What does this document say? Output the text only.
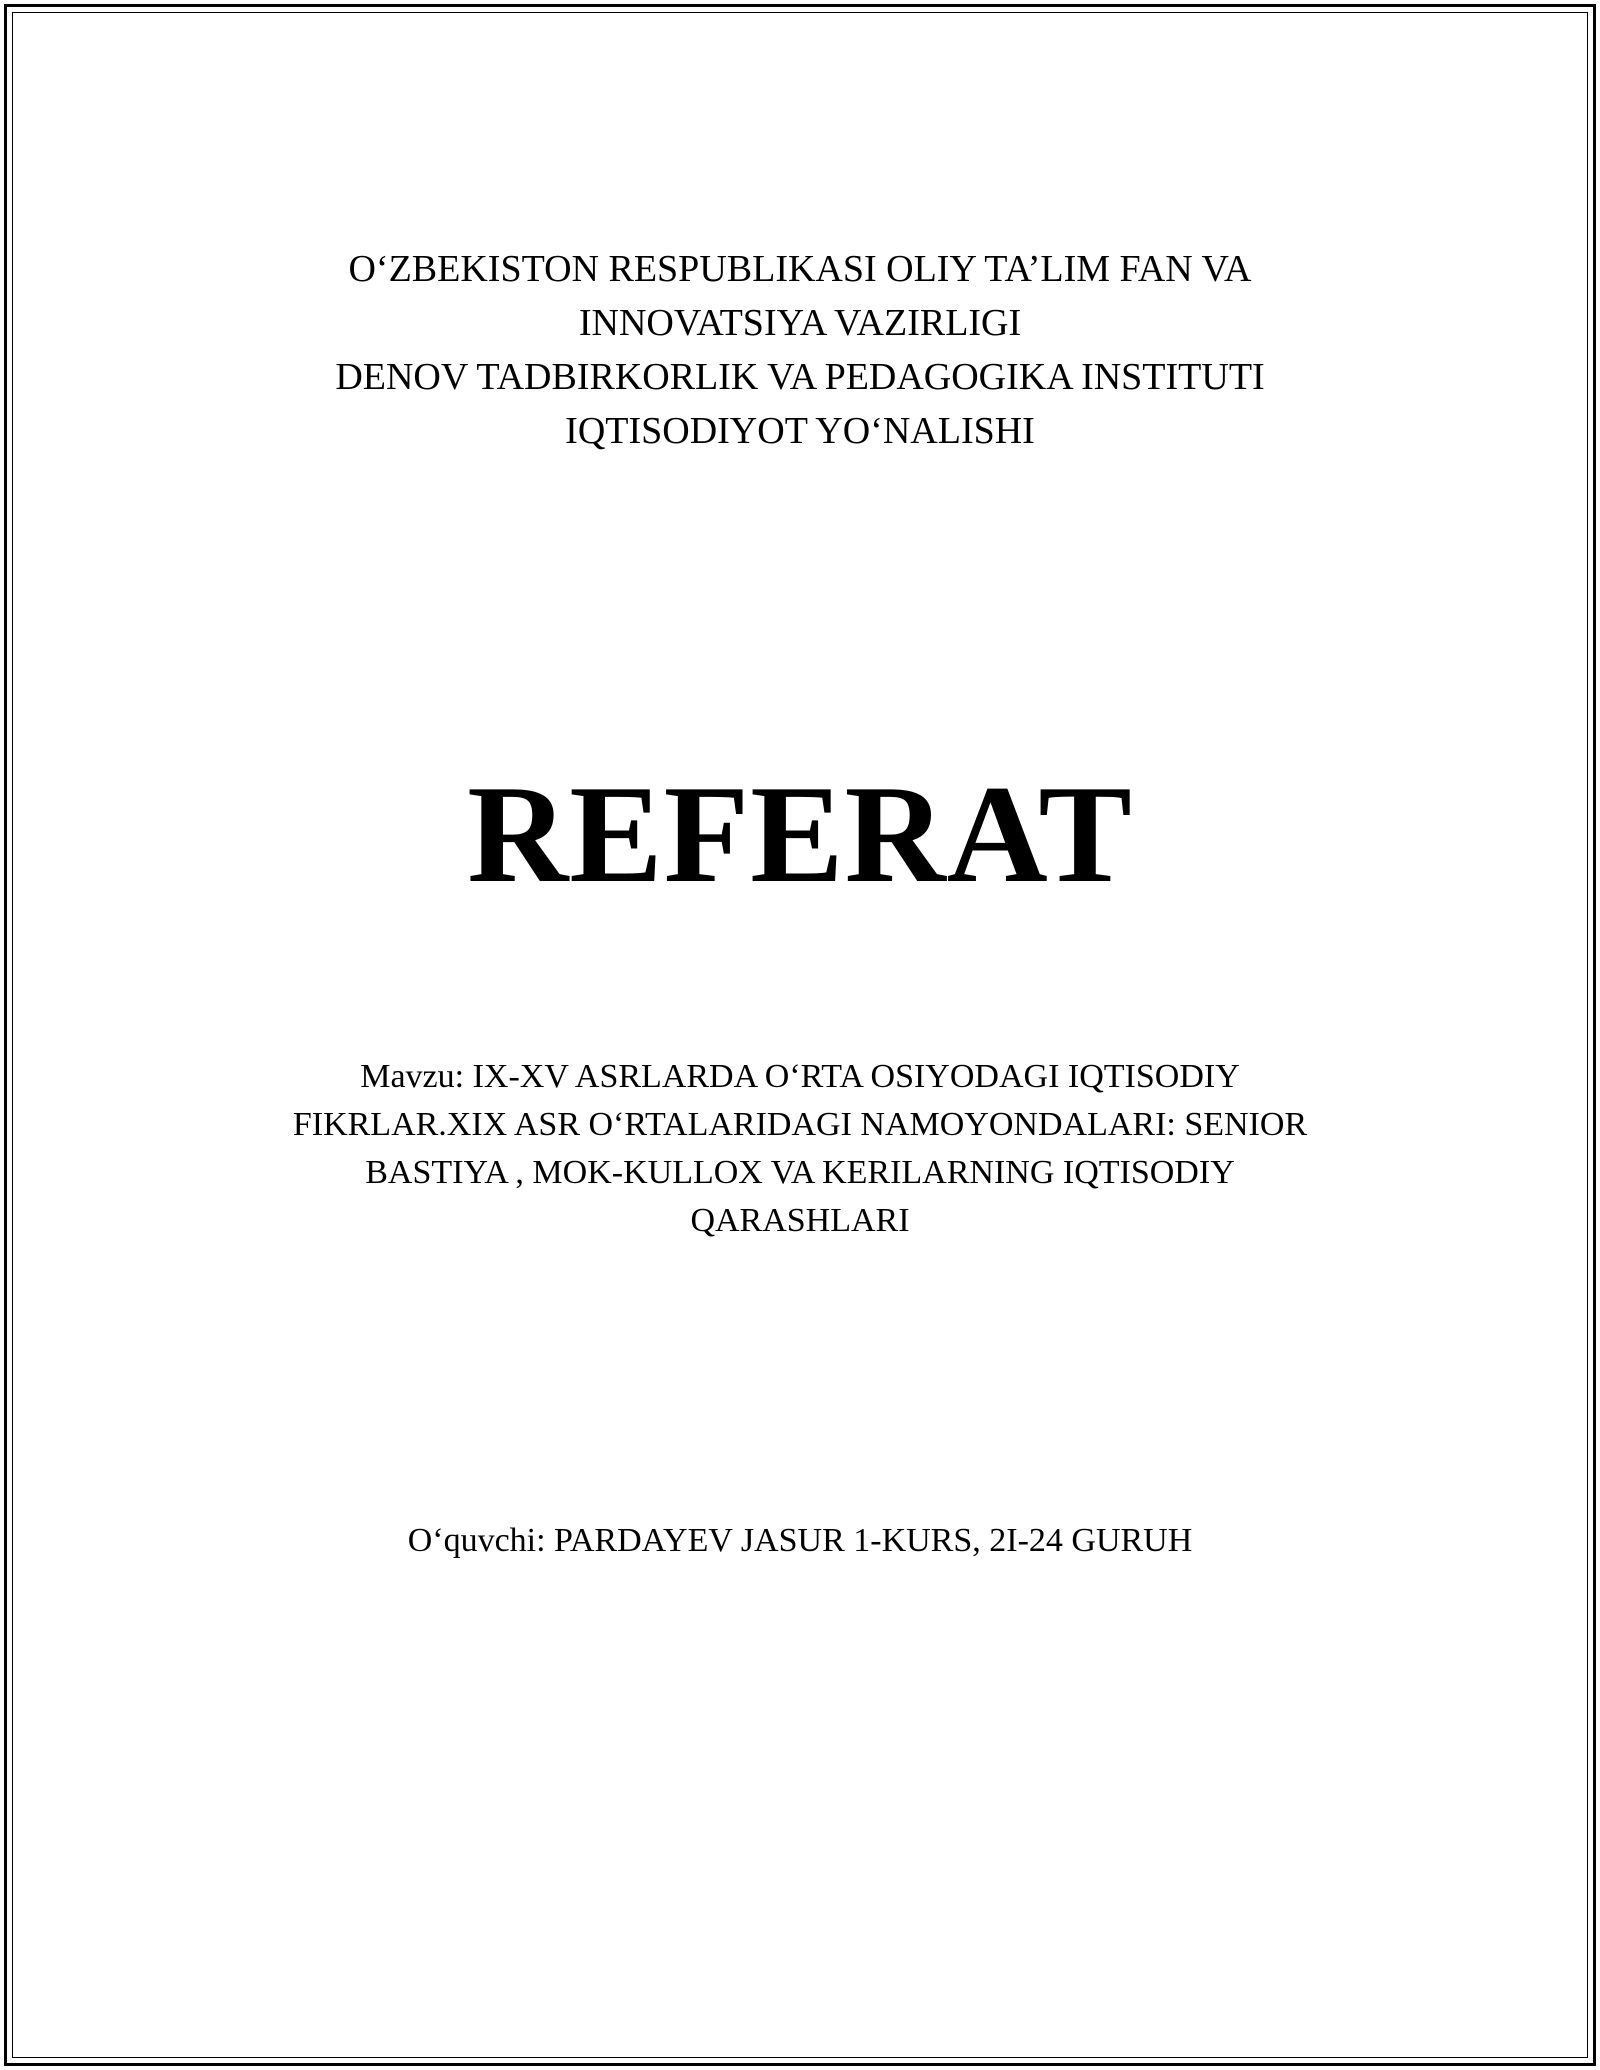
O‘ZBEKISTON RESPUBLIKASI OLIY TA’LIM FAN VA
INNOVATSIYA VAZIRLIGI
DENOV TADBIRKORLIK VA PEDAGOGIKA INSTITUTI
IQTISODIYOT YO‘NALISHI
REFERAT
Mavzu: IX-XV ASRLARDA O‘RTA OSIYODAGI IQTISODIY
FIKRLAR.XIX ASR O‘RTALARIDAGI NAMOYONDALARI: SENIOR
BASTIYA , MOK-KULLOX VA KERILARNING IQTISODIY
QARASHLARI
O‘quvchi: PARDAYEV JASUR 1-KURS, 2I-24 GURUH
